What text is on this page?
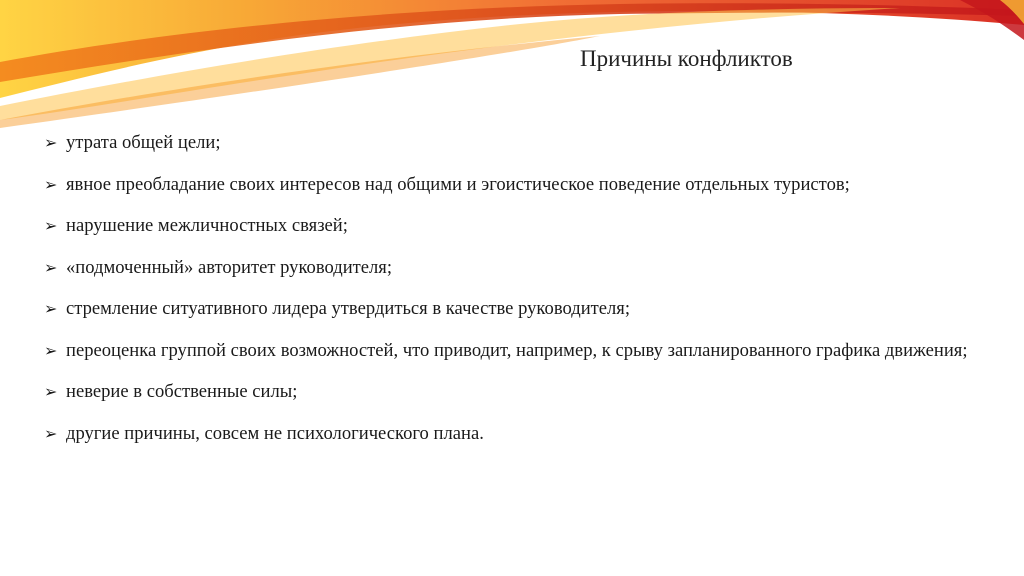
Причины конфликтов
➢ утрата общей цели;
➢ явное преобладание своих интересов над общими и эгоистическое поведение отдельных туристов;
➢ нарушение межличностных связей;
➢ «подмоченный» авторитет руководителя;
➢ стремление ситуативного лидера утвердиться в качестве руководителя;
➢ переоценка группой своих возможностей, что приводит, например, к срыву запланированного графика движения;
➢ неверие в собственные силы;
➢ другие причины, совсем не психологического плана.
